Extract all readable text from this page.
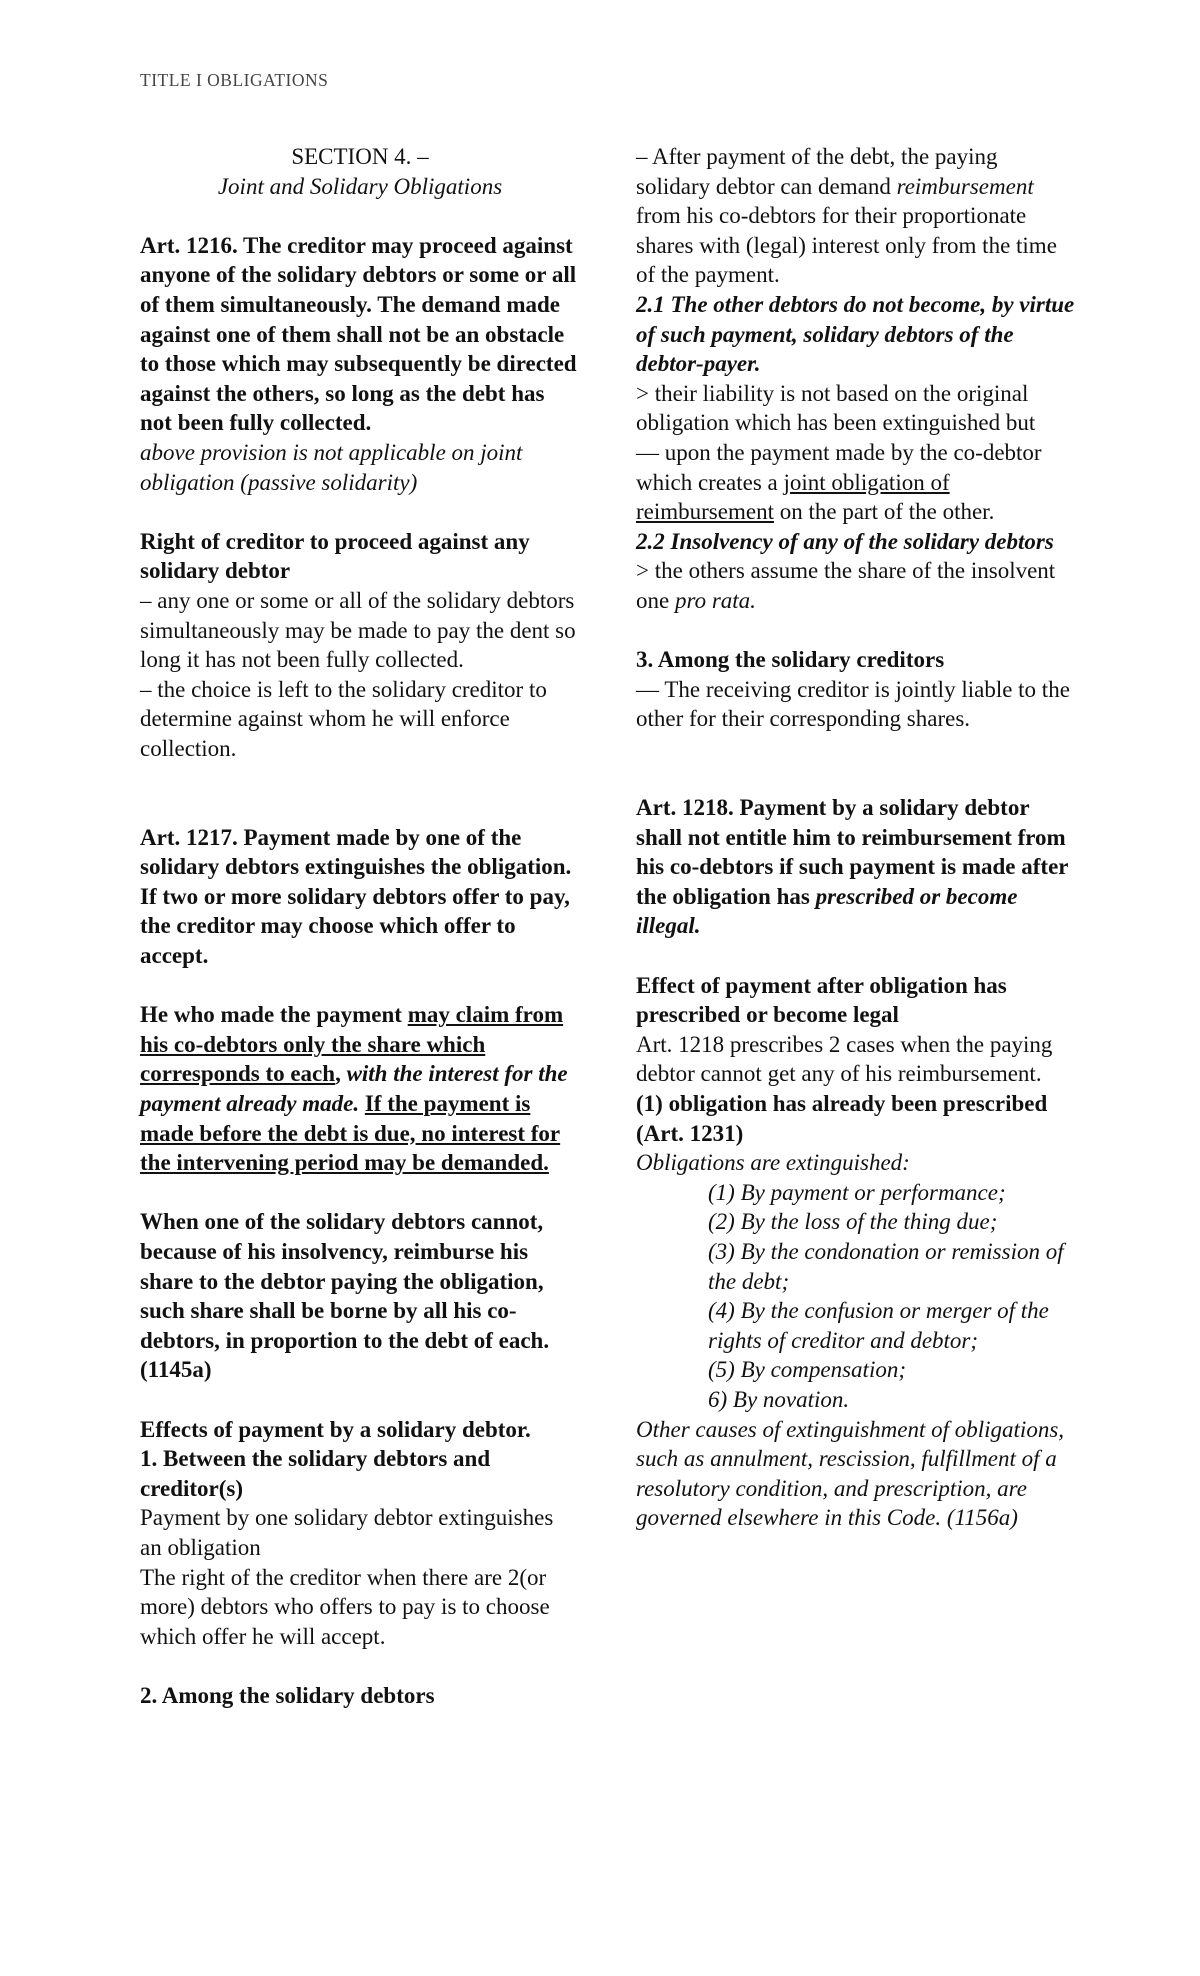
TITLE I OBLIGATIONS

SECTION 4. –

Joint and Solidary Obligations

Art. 1216. The creditor may proceed against anyone of the solidary debtors or some or all of them simultaneously. The demand made against one of them shall not be an obstacle to those which may subsequently be directed against the others, so long as the debt has not been fully collected.

above provision is not applicable on joint obligation (passive solidarity)

Right of creditor to proceed against any solidary debtor

– any one or some or all of the solidary debtors simultaneously may be made to pay the dent so long it has not been fully collected.

– the choice is left to the solidary creditor to determine against whom he will enforce collection.

Art. 1217. Payment made by one of the solidary debtors extinguishes the obligation. If two or more solidary debtors offer to pay, the creditor may choose which offer to accept.

He who made the payment may claim from his co-debtors only the share which corresponds to each, with the interest for the payment already made. If the payment is made before the debt is due, no interest for the intervening period may be demanded.

When one of the solidary debtors cannot, because of his insolvency, reimburse his share to the debtor paying the obligation, such share shall be borne by all his co-debtors, in proportion to the debt of each. (1145a)

Effects of payment by a solidary debtor.

1. Between the solidary debtors and creditor(s)

Payment by one solidary debtor extinguishes an obligation

The right of the creditor when there are 2(or more) debtors who offers to pay is to choose which offer he will accept.

2. Among the solidary debtors

– After payment of the debt, the paying solidary debtor can demand reimbursement from his co-debtors for their proportionate shares with (legal) interest only from the time of the payment.

2.1 The other debtors do not become, by virtue of such payment, solidary debtors of the debtor-payer.

> their liability is not based on the original obligation which has been extinguished but

— upon the payment made by the co-debtor which creates a joint obligation of reimbursement on the part of the other.

2.2 Insolvency of any of the solidary debtors

> the others assume the share of the insolvent one pro rata.

3. Among the solidary creditors

— The receiving creditor is jointly liable to the other for their corresponding shares.

Art. 1218. Payment by a solidary debtor shall not entitle him to reimbursement from his co-debtors if such payment is made after the obligation has prescribed or become illegal.

Effect of payment after obligation has prescribed or become legal

Art. 1218 prescribes 2 cases when the paying debtor cannot get any of his reimbursement.

(1) obligation has already been prescribed (Art. 1231)

Obligations are extinguished:

(1) By payment or performance;

(2) By the loss of the thing due;

(3) By the condonation or remission of the debt;

(4) By the confusion or merger of the rights of creditor and debtor;

(5) By compensation;

6) By novation.

Other causes of extinguishment of obligations, such as annulment, rescission, fulfillment of a resolutory condition, and prescription, are governed elsewhere in this Code. (1156a)
